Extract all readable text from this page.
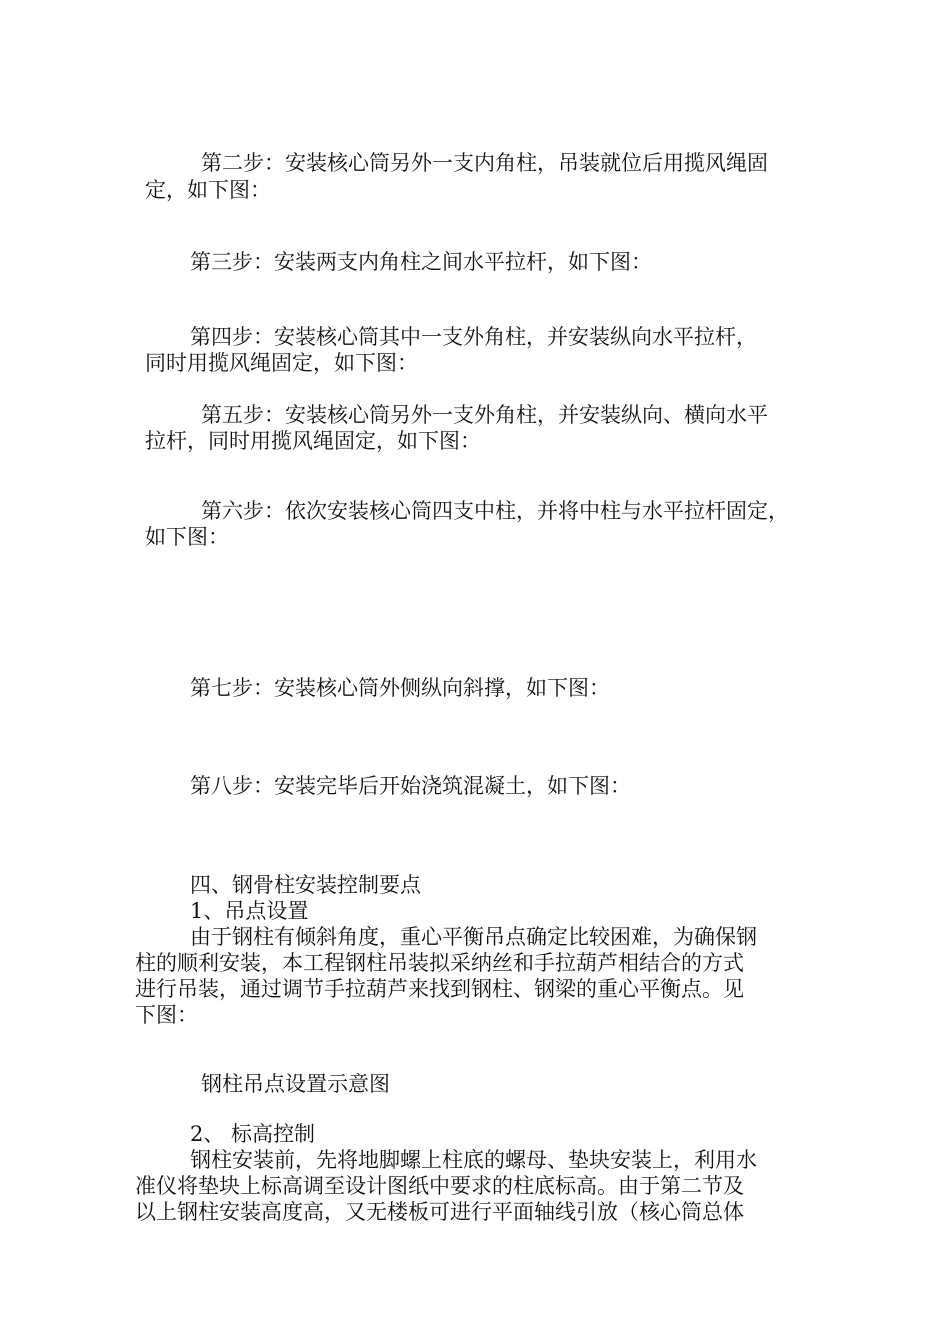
第二步：安装核心筒另外一支内角柱，吊装就位后用揽风绳固
定，如下图：
第三步：安装两支内角柱之间水平拉杆，如下图：
第四步：安装核心筒其中一支外角柱，并安装纵向水平拉杆，
同时用揽风绳固定，如下图：
第五步：安装核心筒另外一支外角柱，并安装纵向、横向水平
拉杆，同时用揽风绳固定，如下图：
第六步：依次安装核心筒四支中柱，并将中柱与水平拉杆固定，
如下图：
第七步：安装核心筒外侧纵向斜撑，如下图：
第八步：安装完毕后开始浇筑混凝土，如下图：
四、钢骨柱安装控制要点
1、吊点设置
由于钢柱有倾斜角度，重心平衡吊点确定比较困难，为确保钢
柱的顺利安装，本工程钢柱吊装拟采纳丝和手拉葫芦相结合的方式
进行吊装，通过调节手拉葫芦来找到钢柱、钢梁的重心平衡点。见
下图：
钢柱吊点设置示意图
2、 标高控制
钢柱安装前，先将地脚螺上柱底的螺母、垫块安装上，利用水
准仪将垫块上标高调至设计图纸中要求的柱底标高。由于第二节及
以上钢柱安装高度高，又无楼板可进行平面轴线引放（核心筒总体
